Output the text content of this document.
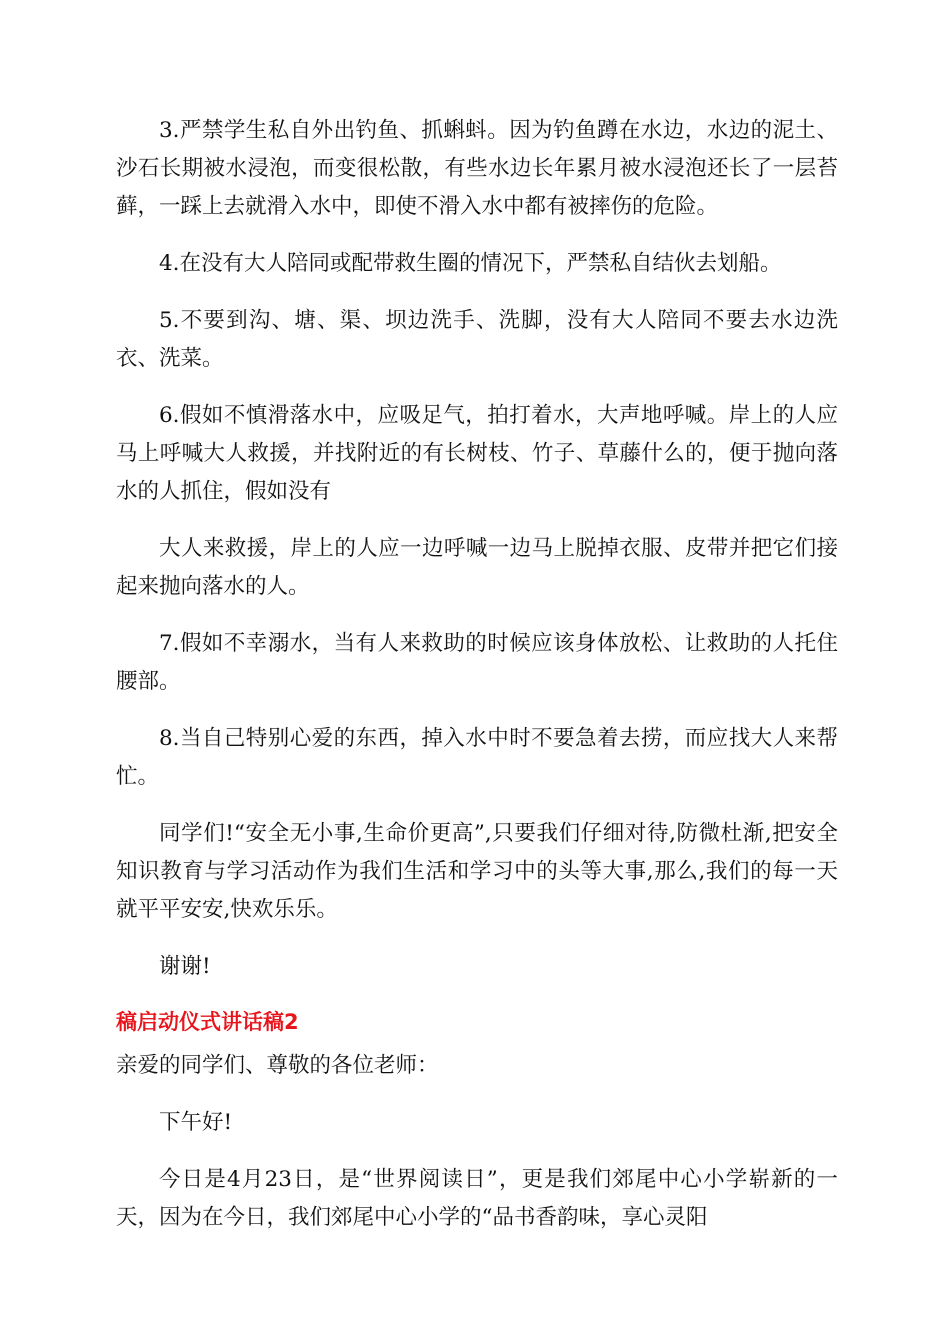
3.严禁学生私自外出钓鱼、抓蝌蚪。因为钓鱼蹲在水边，水边的泥土、沙石长期被水浸泡，而变很松散，有些水边长年累月被水浸泡还长了一层苔藓，一踩上去就滑入水中，即使不滑入水中都有被摔伤的危险。

4.在没有大人陪同或配带救生圈的情况下，严禁私自结伙去划船。

5.不要到沟、塘、渠、坝边洗手、洗脚，没有大人陪同不要去水边洗衣、洗菜。

6.假如不慎滑落水中，应吸足气，拍打着水，大声地呼喊。岸上的人应马上呼喊大人救援，并找附近的有长树枝、竹子、草藤什么的，便于抛向落水的人抓住，假如没有

大人来救援，岸上的人应一边呼喊一边马上脱掉衣服、皮带并把它们接起来抛向落水的人。

7.假如不幸溺水，当有人来救助的时候应该身体放松、让救助的人托住腰部。

8.当自己特别心爱的东西，掉入水中时不要急着去捞，而应找大人来帮忙。

同学们!“安全无小事,生命价更高”,只要我们仔细对待,防微杜渐,把安全知识教育与学习活动作为我们生活和学习中的头等大事,那么,我们的每一天就平平安安,快欢乐乐。

谢谢!

稿启动仪式讲话稿2

亲爱的同学们、尊敬的各位老师：

下午好!

今日是4月23日，是“世界阅读日”，更是我们郊尾中心小学崭新的一天，因为在今日，我们郊尾中心小学的“品书香韵味，享心灵阳
